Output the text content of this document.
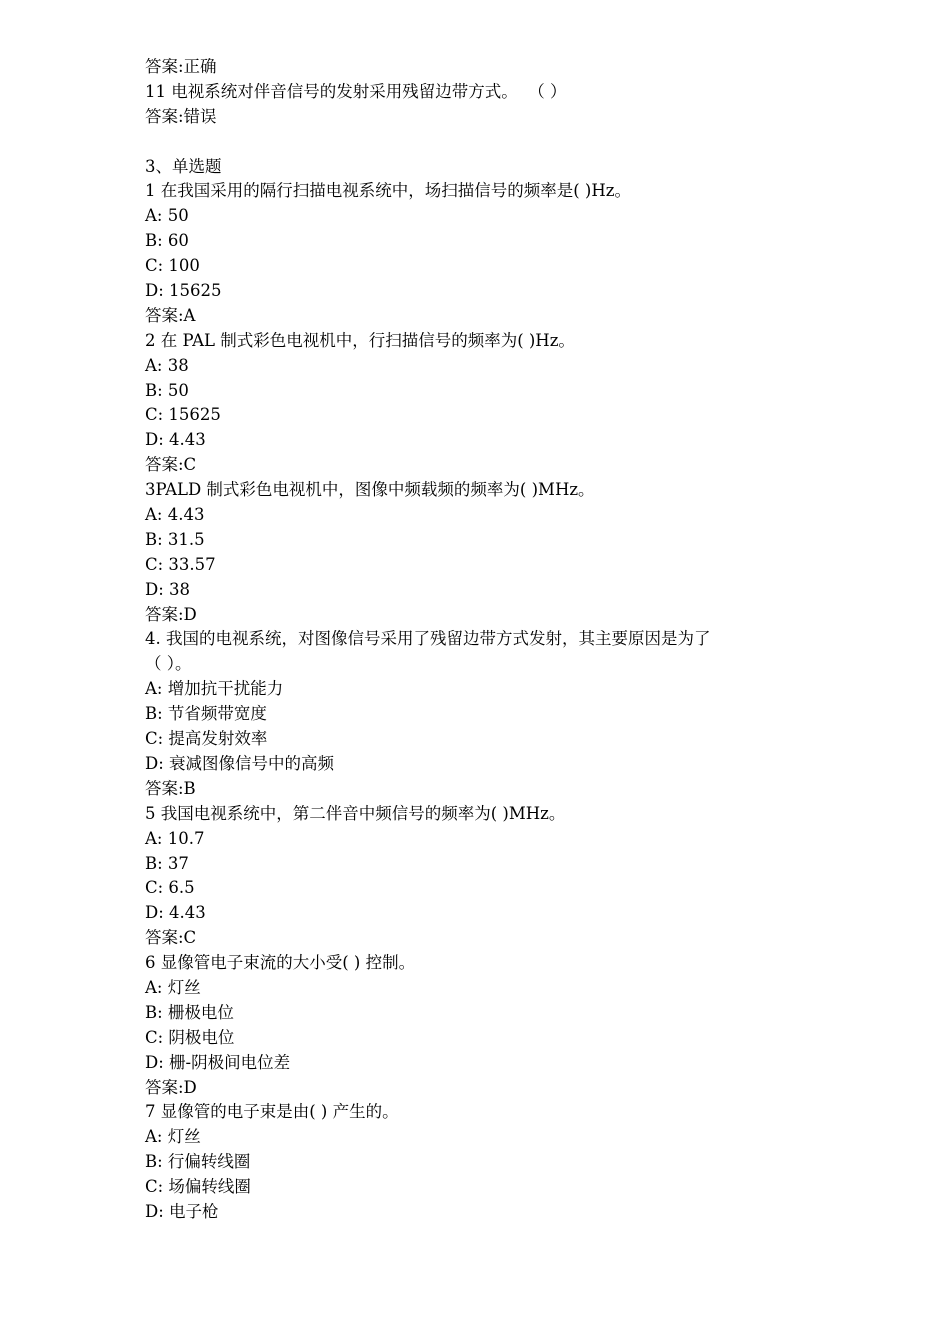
答案:正确
11 电视系统对伴音信号的发射采用残留边带方式。  （ ）
答案:错误
3、单选题
1 在我国采用的隔行扫描电视系统中，场扫描信号的频率是( )Hz。
A: 50
B: 60
C: 100
D: 15625
答案:A
2 在 PAL 制式彩色电视机中，行扫描信号的频率为( )Hz。
A: 38
B: 50
C: 15625
D: 4.43
答案:C
3PALD 制式彩色电视机中，图像中频载频的频率为( )MHz。
A: 4.43
B: 31.5
C: 33.57
D: 38
答案:D
4. 我国的电视系统，对图像信号采用了残留边带方式发射，其主要原因是为了
（ ）。
A: 增加抗干扰能力
B: 节省频带宽度
C: 提高发射效率
D: 衰减图像信号中的高频
答案:B
5 我国电视系统中，第二伴音中频信号的频率为( )MHz。
A: 10.7
B: 37
C: 6.5
D: 4.43
答案:C
6 显像管电子束流的大小受( ) 控制。
A: 灯丝
B: 栅极电位
C: 阴极电位
D: 栅-阴极间电位差
答案:D
7 显像管的电子束是由( ) 产生的。
A: 灯丝
B: 行偏转线圈
C: 场偏转线圈
D: 电子枪
